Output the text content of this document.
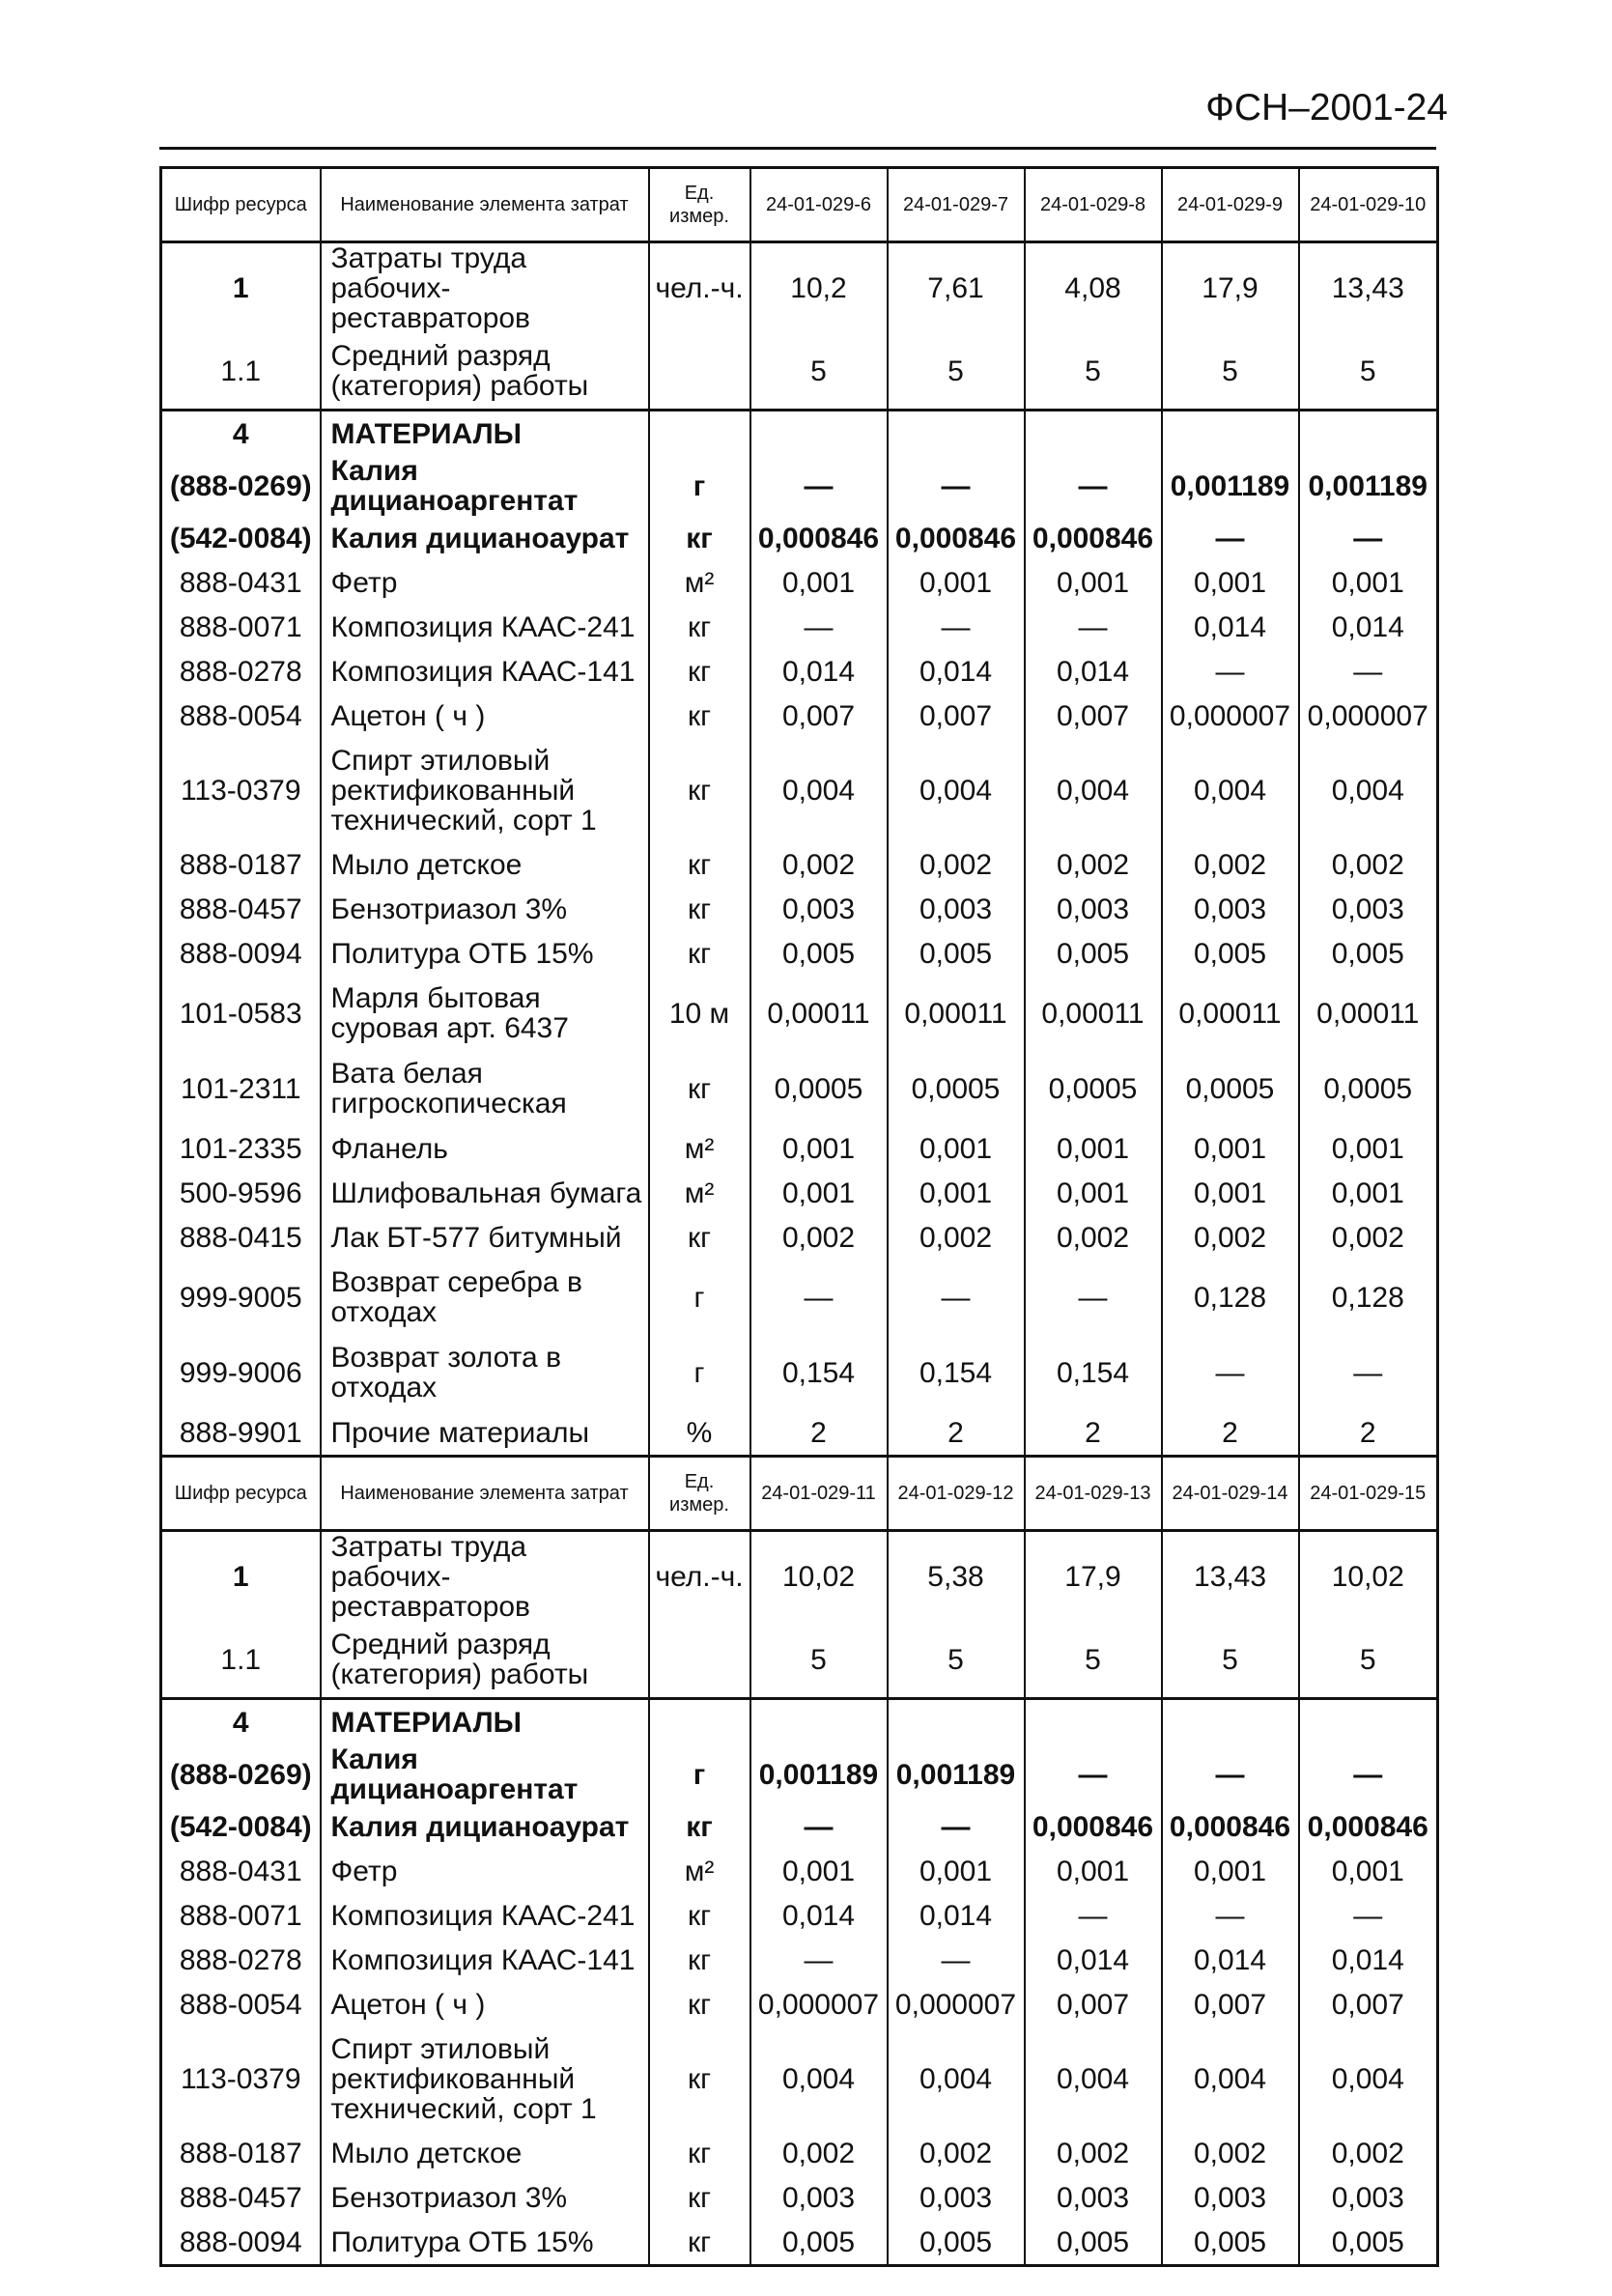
ФСН–2001-24
Шифр ресурса	Наименование элемента затрат	Ед. измер.	24-01-029-6	24-01-029-7	24-01-029-8	24-01-029-9	24-01-029-10
1	Затраты труда рабочих-реставраторов	чел.-ч.	10,2	7,61	4,08	17,9	13,43
1.1	Средний разряд (категория) работы		5	5	5	5	5
4	МАТЕРИАЛЫ						
(888-0269)	Калия дицианоаргентат	г	—	—	—	0,001189	0,001189
(542-0084)	Калия дицианоаурат	кг	0,000846	0,000846	0,000846	—	—
888-0431	Фетр	м²	0,001	0,001	0,001	0,001	0,001
888-0071	Композиция КААС-241	кг	—	—	—	0,014	0,014
888-0278	Композиция КААС-141	кг	0,014	0,014	0,014	—	—
888-0054	Ацетон ( ч )	кг	0,007	0,007	0,007	0,000007	0,000007
113-0379	Спирт этиловый ректификованный технический, сорт 1	кг	0,004	0,004	0,004	0,004	0,004
888-0187	Мыло детское	кг	0,002	0,002	0,002	0,002	0,002
888-0457	Бензотриазол 3%	кг	0,003	0,003	0,003	0,003	0,003
888-0094	Политура ОТБ 15%	кг	0,005	0,005	0,005	0,005	0,005
101-0583	Марля бытовая суровая арт. 6437	10 м	0,00011	0,00011	0,00011	0,00011	0,00011
101-2311	Вата белая гигроскопическая	кг	0,0005	0,0005	0,0005	0,0005	0,0005
101-2335	Фланель	м²	0,001	0,001	0,001	0,001	0,001
500-9596	Шлифовальная бумага	м²	0,001	0,001	0,001	0,001	0,001
888-0415	Лак БТ-577 битумный	кг	0,002	0,002	0,002	0,002	0,002
999-9005	Возврат серебра в отходах	г	—	—	—	0,128	0,128
999-9006	Возврат золота в отходах	г	0,154	0,154	0,154	—	—
888-9901	Прочие материалы	%	2	2	2	2	2
Шифр ресурса	Наименование элемента затрат	Ед. измер.	24-01-029-11	24-01-029-12	24-01-029-13	24-01-029-14	24-01-029-15
1	Затраты труда рабочих-реставраторов	чел.-ч.	10,02	5,38	17,9	13,43	10,02
1.1	Средний разряд (категория) работы		5	5	5	5	5
4	МАТЕРИАЛЫ						
(888-0269)	Калия дицианоаргентат	г	0,001189	0,001189	—	—	—
(542-0084)	Калия дицианоаурат	кг	—	—	0,000846	0,000846	0,000846
888-0431	Фетр	м²	0,001	0,001	0,001	0,001	0,001
888-0071	Композиция КААС-241	кг	0,014	0,014	—	—	—
888-0278	Композиция КААС-141	кг	—	—	0,014	0,014	0,014
888-0054	Ацетон ( ч )	кг	0,000007	0,000007	0,007	0,007	0,007
113-0379	Спирт этиловый ректификованный технический, сорт 1	кг	0,004	0,004	0,004	0,004	0,004
888-0187	Мыло детское	кг	0,002	0,002	0,002	0,002	0,002
888-0457	Бензотриазол 3%	кг	0,003	0,003	0,003	0,003	0,003
888-0094	Политура ОТБ 15%	кг	0,005	0,005	0,005	0,005	0,005
